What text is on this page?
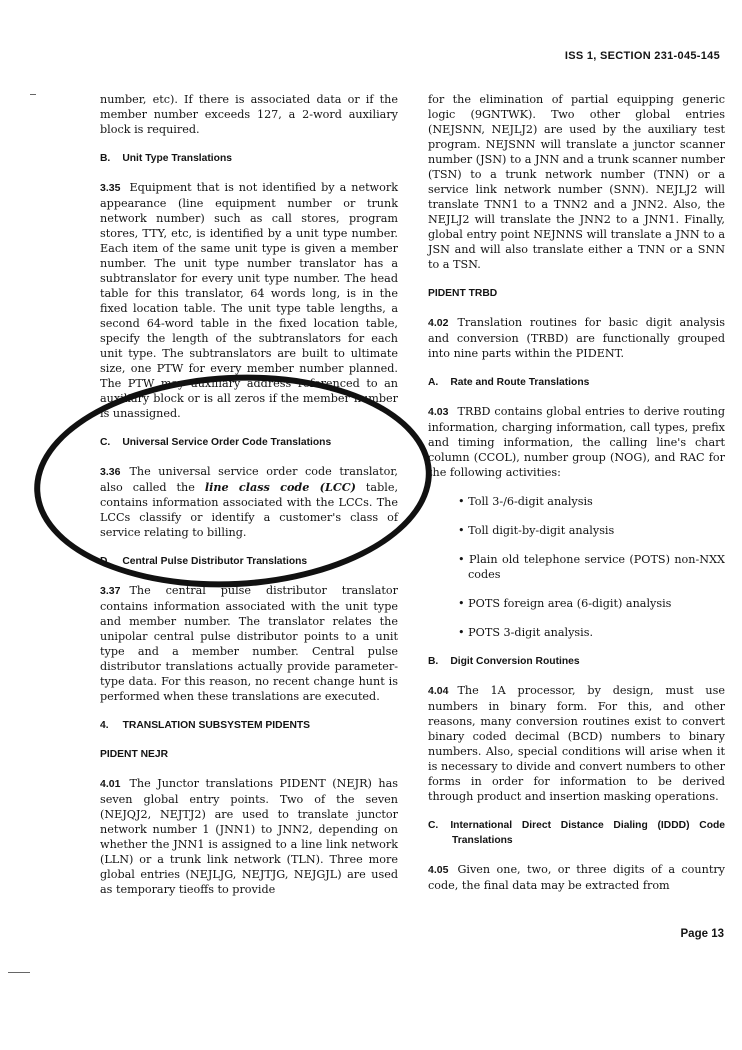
ISS 1, SECTION 231-045-145

number, etc). If there is associated data or if the member number exceeds 127, a 2-word auxiliary block is required.

B. Unit Type Translations

3.35 Equipment that is not identified by a network appearance (line equipment number or trunk network number) such as call stores, program stores, TTY, etc, is identified by a unit type number. Each item of the same unit type is given a member number. The unit type number translator has a subtranslator for every unit type number. The head table for this translator, 64 words long, is in the fixed location table. The unit type table lengths, a second 64-word table in the fixed location table, specify the length of the subtranslators for each unit type. The subtranslators are built to ultimate size, one PTW for every member number planned. The PTW may auxiliary address referenced to an auxiliary block or is all zeros if the member number is unassigned.

C. Universal Service Order Code Translations

3.36 The universal service order code translator, also called the line class code (LCC) table, contains information associated with the LCCs. The LCCs classify or identify a customer's class of service relating to billing.

D. Central Pulse Distributor Translations

3.37 The central pulse distributor translator contains information associated with the unit type and member number. The translator relates the unipolar central pulse distributor points to a unit type and a member number. Central pulse distributor translations actually provide parameter-type data. For this reason, no recent change hunt is performed when these translations are executed.

4. TRANSLATION SUBSYSTEM PIDENTS

PIDENT NEJR

4.01 The Junctor translations PIDENT (NEJR) has seven global entry points. Two of the seven (NEJQJ2, NEJTJ2) are used to translate junctor network number 1 (JNN1) to JNN2, depending on whether the JNN1 is assigned to a line link network (LLN) or a trunk link network (TLN). Three more global entries (NEJLJG, NEJTJG, NEJGJL) are used as temporary tieoffs to provide

for the elimination of partial equipping generic logic (9GNTWK). Two other global entries (NEJSNN, NEJLJ2) are used by the auxiliary test program. NEJSNN will translate a junctor scanner number (JSN) to a JNN and a trunk scanner number (TSN) to a trunk network number (TNN) or a service link network number (SNN). NEJLJ2 will translate TNN1 to a TNN2 and a JNN2. Also, the NEJLJ2 will translate the JNN2 to a JNN1. Finally, global entry point NEJNNS will translate a JNN to a JSN and will also translate either a TNN or a SNN to a TSN.

PIDENT TRBD

4.02 Translation routines for basic digit analysis and conversion (TRBD) are functionally grouped into nine parts within the PIDENT.

A. Rate and Route Translations

4.03 TRBD contains global entries to derive routing information, charging information, call types, prefix and timing information, the calling line's chart column (CCOL), number group (NOG), and RAC for the following activities:

• Toll 3-/6-digit analysis

• Toll digit-by-digit analysis

• Plain old telephone service (POTS) non-NXX codes

• POTS foreign area (6-digit) analysis

• POTS 3-digit analysis.

B. Digit Conversion Routines

4.04 The 1A processor, by design, must use numbers in binary form. For this, and other reasons, many conversion routines exist to convert binary coded decimal (BCD) numbers to binary numbers. Also, special conditions will arise when it is necessary to divide and convert numbers to other forms in order for information to be derived through product and insertion masking operations.

C. International Direct Distance Dialing (IDDD) Code Translations

4.05 Given one, two, or three digits of a country code, the final data may be extracted from

Page 13
